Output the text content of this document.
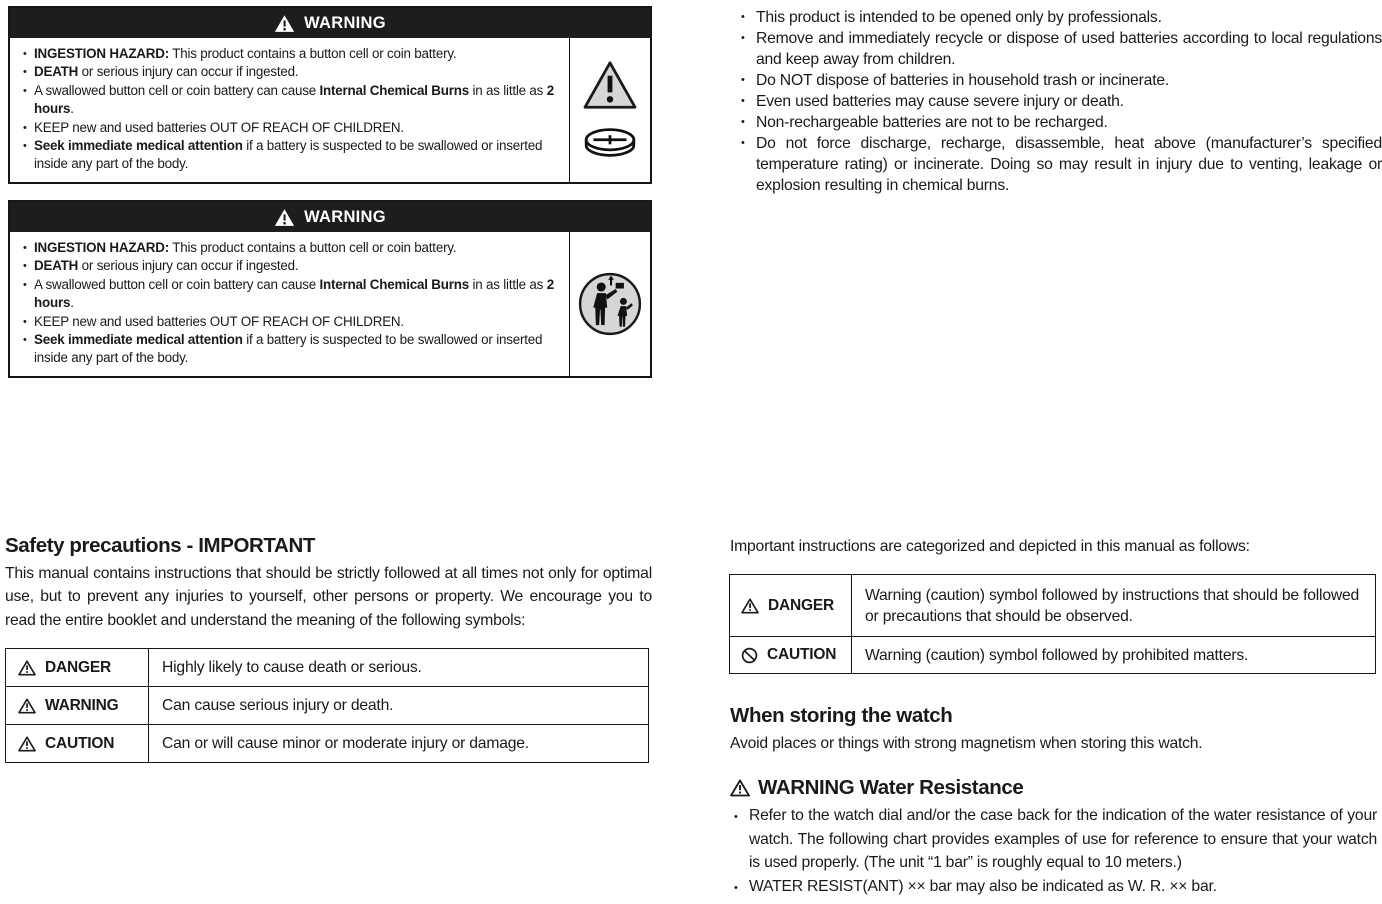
WARNING
• INGESTION HAZARD: This product contains a button cell or coin battery.
• DEATH or serious injury can occur if ingested.
• A swallowed button cell or coin battery can cause Internal Chemical Burns in as little as 2 hours.
• KEEP new and used batteries OUT OF REACH OF CHILDREN.
• Seek immediate medical attention if a battery is suspected to be swallowed or inserted inside any part of the body.
WARNING
• INGESTION HAZARD: This product contains a button cell or coin battery.
• DEATH or serious injury can occur if ingested.
• A swallowed button cell or coin battery can cause Internal Chemical Burns in as little as 2 hours.
• KEEP new and used batteries OUT OF REACH OF CHILDREN.
• Seek immediate medical attention if a battery is suspected to be swallowed or inserted inside any part of the body.
• This product is intended to be opened only by professionals.
• Remove and immediately recycle or dispose of used batteries according to local regulations and keep away from children.
• Do NOT dispose of batteries in household trash or incinerate.
• Even used batteries may cause severe injury or death.
• Non-rechargeable batteries are not to be recharged.
• Do not force discharge, recharge, disassemble, heat above (manufacturer’s specified temperature rating) or incinerate. Doing so may result in injury due to venting, leakage or explosion resulting in chemical burns.
Safety precautions - IMPORTANT

This manual contains instructions that should be strictly followed at all times not only for optimal use, but to prevent any injuries to yourself, other persons or property. We encourage you to read the entire booklet and understand the meaning of the following symbols:

DANGER	Highly likely to cause death or serious.

WARNING	Can cause serious injury or death.

CAUTION	Can or will cause minor or moderate injury or damage.

Important instructions are categorized and depicted in this manual as follows:

DANGER	Warning (caution) symbol followed by instructions that should be followed or precautions that should be observed.

CAUTION	Warning (caution) symbol followed by prohibited matters.
When storing the watch

Avoid places or things with strong magnetism when storing this watch.

WARNING Water Resistance
• Refer to the watch dial and/or the case back for the indication of the water resistance of your watch. The following chart provides examples of use for reference to ensure that your watch is used properly. (The unit “1 bar” is roughly equal to 10 meters.)
• WATER RESIST(ANT) ×× bar may also be indicated as W. R. ×× bar.
